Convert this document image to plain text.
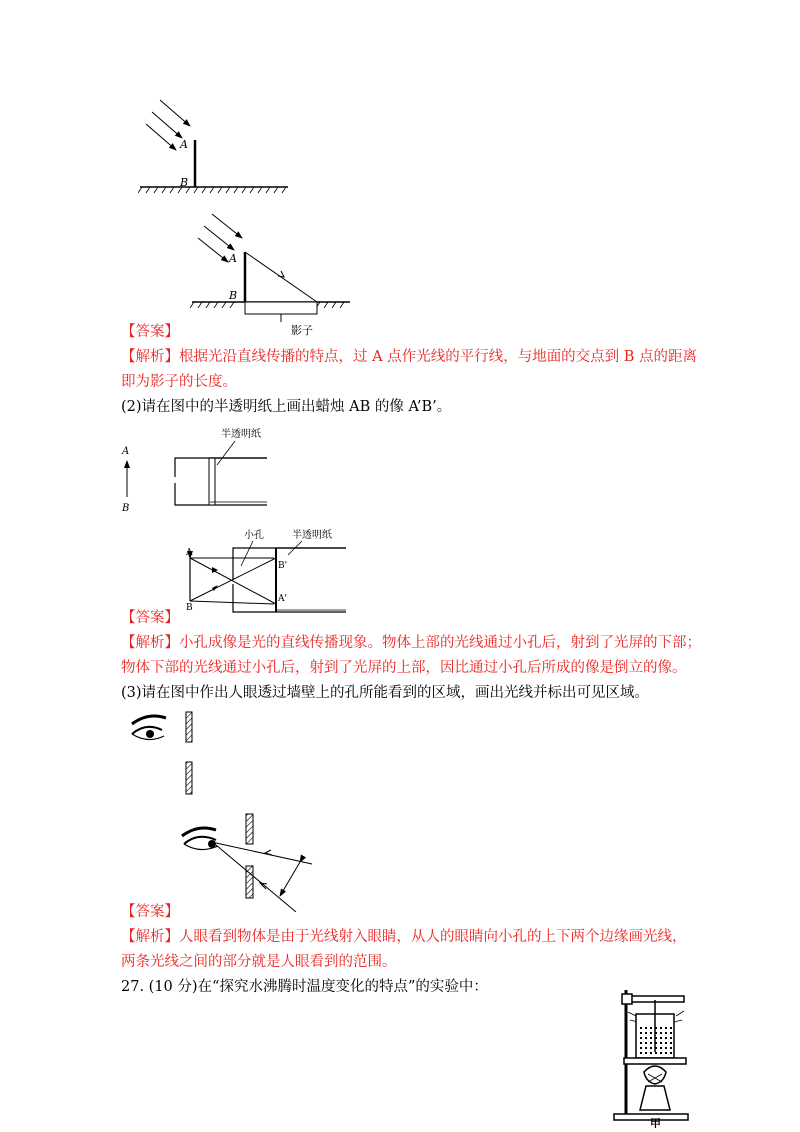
A
B
A
B
影子
【答案】
【解析】根据光沿直线传播的特点，过 A 点作光线的平行线，与地面的交点到 B 点的距离
即为影子的长度。
(2)请在图中的半透明纸上画出蜡烛 AB 的像 A’B’。
A
B
半透明纸
小孔	半透明纸
A
B
B'
A'
【答案】
【解析】小孔成像是光的直线传播现象。物体上部的光线通过小孔后，射到了光屏的下部；
物体下部的光线通过小孔后，射到了光屏的上部，因比通过小孔后所成的像是倒立的像。
(3)请在图中作出人眼透过墙壁上的孔所能看到的区域，画出光线并标出可见区域。
【答案】
【解析】人眼看到物体是由于光线射入眼睛，从人的眼睛向小孔的上下两个边缘画光线，
两条光线之间的部分就是人眼看到的范围。
27. (10 分)在“探究水沸腾时温度变化的特点”的实验中：
甲
